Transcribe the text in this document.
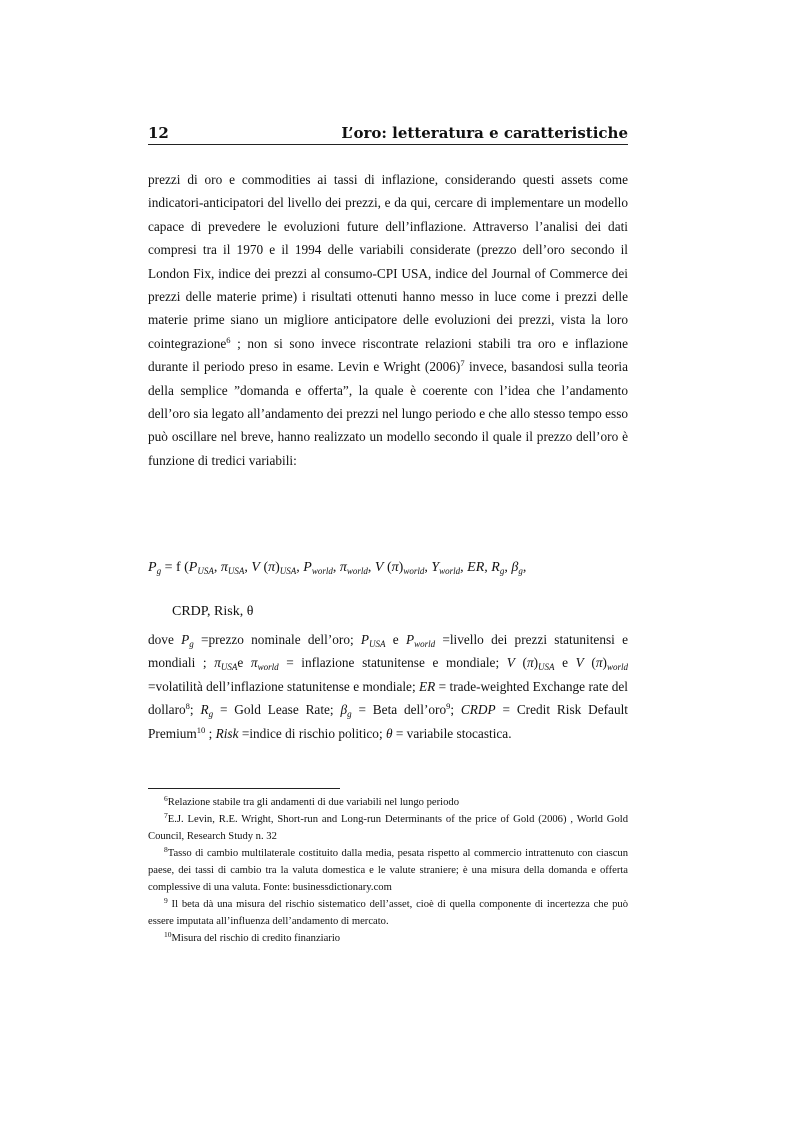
12	L’oro: letteratura e caratteristiche

prezzi di oro e commodities ai tassi di inflazione, considerando questi assets come indicatori-anticipatori del livello dei prezzi, e da qui, cercare di implementare un modello capace di prevedere le evoluzioni future dell’inflazione. Attraverso l’analisi dei dati compresi tra il 1970 e il 1994 delle variabili considerate (prezzo dell’oro secondo il London Fix, indice dei prezzi al consumo-CPI USA, indice del Journal of Commerce dei prezzi delle materie prime) i risultati ottenuti hanno messo in luce come i prezzi delle materie prime siano un migliore anticipatore delle evoluzioni dei prezzi, vista la loro cointegrazione$^6$ ; non si sono invece riscontrate relazioni stabili tra oro e inflazione durante il periodo preso in esame. Levin e Wright $(2006)^7$ invece, basandosi sulla teoria della semplice ”domanda e offerta”, la quale è coerente con l’idea che l’andamento dell’oro sia legato all’andamento dei prezzi nel lungo periodo e che allo stesso tempo esso può oscillare nel breve, hanno realizzato un modello secondo il quale il prezzo dell’oro è funzione di tredici variabili:

$P_g = f$ ($P_{USA}$, $\pi_{USA}$, V $(\pi)_{USA}$, $P_{world}$, $\pi_{world}$, V $(\pi)_{world}$, $Y_{world}$, ER, $R_g$, $\beta_g$,
CRDP, Risk, θ

dove $P_g$ =prezzo nominale dell’oro; $P_{USA}$ e $P_{world}$ =livello dei prezzi statunitensi e mondiali ; $\pi_{USA}e$ $\pi_{world}$ = inflazione statunitense e mondiale; V $(\pi)_{USA}$ e V $(\pi)_{world}$ =volatilità dell’inflazione statunitense e mondiale; ER = trade-weighted Exchange rate del dollaro$^8$; $R_g$ = Gold Lease Rate; $\beta_g$ = Beta dell’oro$^9$; CRDP = Credit Risk Default Premium$^{10}$ ; Risk =indice di rischio politico; θ = variabile stocastica.

$^6$Relazione stabile tra gli andamenti di due variabili nel lungo periodo

$^7$E.J. Levin, R.E. Wright, Short-run and Long-run Determinants of the price of Gold (2006) , World Gold Council, Research Study n. 32

$^8$Tasso di cambio multilaterale costituito dalla media, pesata rispetto al commercio intrattenuto con ciascun paese, dei tassi di cambio tra la valuta domestica e le valute straniere; è una misura della domanda e offerta complessive di una valuta. Fonte: businessdictionary.com

$^9$ Il beta dà una misura del rischio sistematico dell’asset, cioè di quella componente di incertezza che può essere imputata all’influenza dell’andamento di mercato.

$^{10}$Misura del rischio di credito finanziario
